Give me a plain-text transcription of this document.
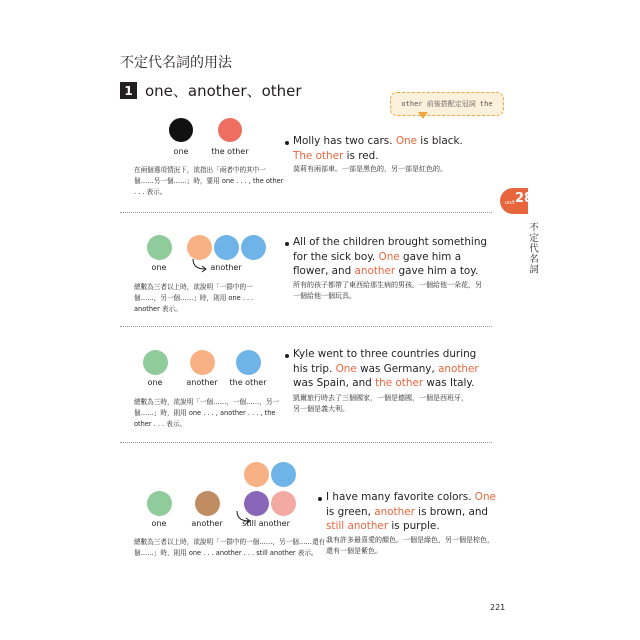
不定代名詞的用法
1 one、another、other
other 前後搭配定冠詞 the
unit 28
不定代名詞
one	the other
在兩個選項情況下，欲指出「兩者中的其中一個……另一個……」時，要用 one . . . , the other . . . 表示。
Molly has two cars. One is black. The other is red.
莫莉有兩部車。一部是黑色的，另一部是紅色的。
one	another
總數為三者以上時，欲說明「一群中的一個……，另一個……」時，則用 one . . . another 表示。
All of the children brought something for the sick boy. One gave him a flower, and another gave him a toy.
所有的孩子都帶了東西給那生病的男孩。一個給他一朵花，另一個給他一個玩具。
one	another the other
總數為三時，欲說明「一個……，一個……，另一個……」時，則用 one . . . , another . . . , the other . . . 表示。
Kyle went to three countries during his trip. One was Germany, another was Spain, and the other was Italy.
凱爾旅行時去了三個國家，一個是德國，一個是西班牙，另一個是義大利。
one	another still another
總數為三者以上時，欲說明「一群中的一個……，另一個……還有一個……」時，則用 one . . . another . . . still another 表示。
I have many favorite colors. One is green, another is brown, and still another is purple.
我有許多最喜愛的顏色。一個是綠色，另一個是棕色，還有一個是紫色。
221
